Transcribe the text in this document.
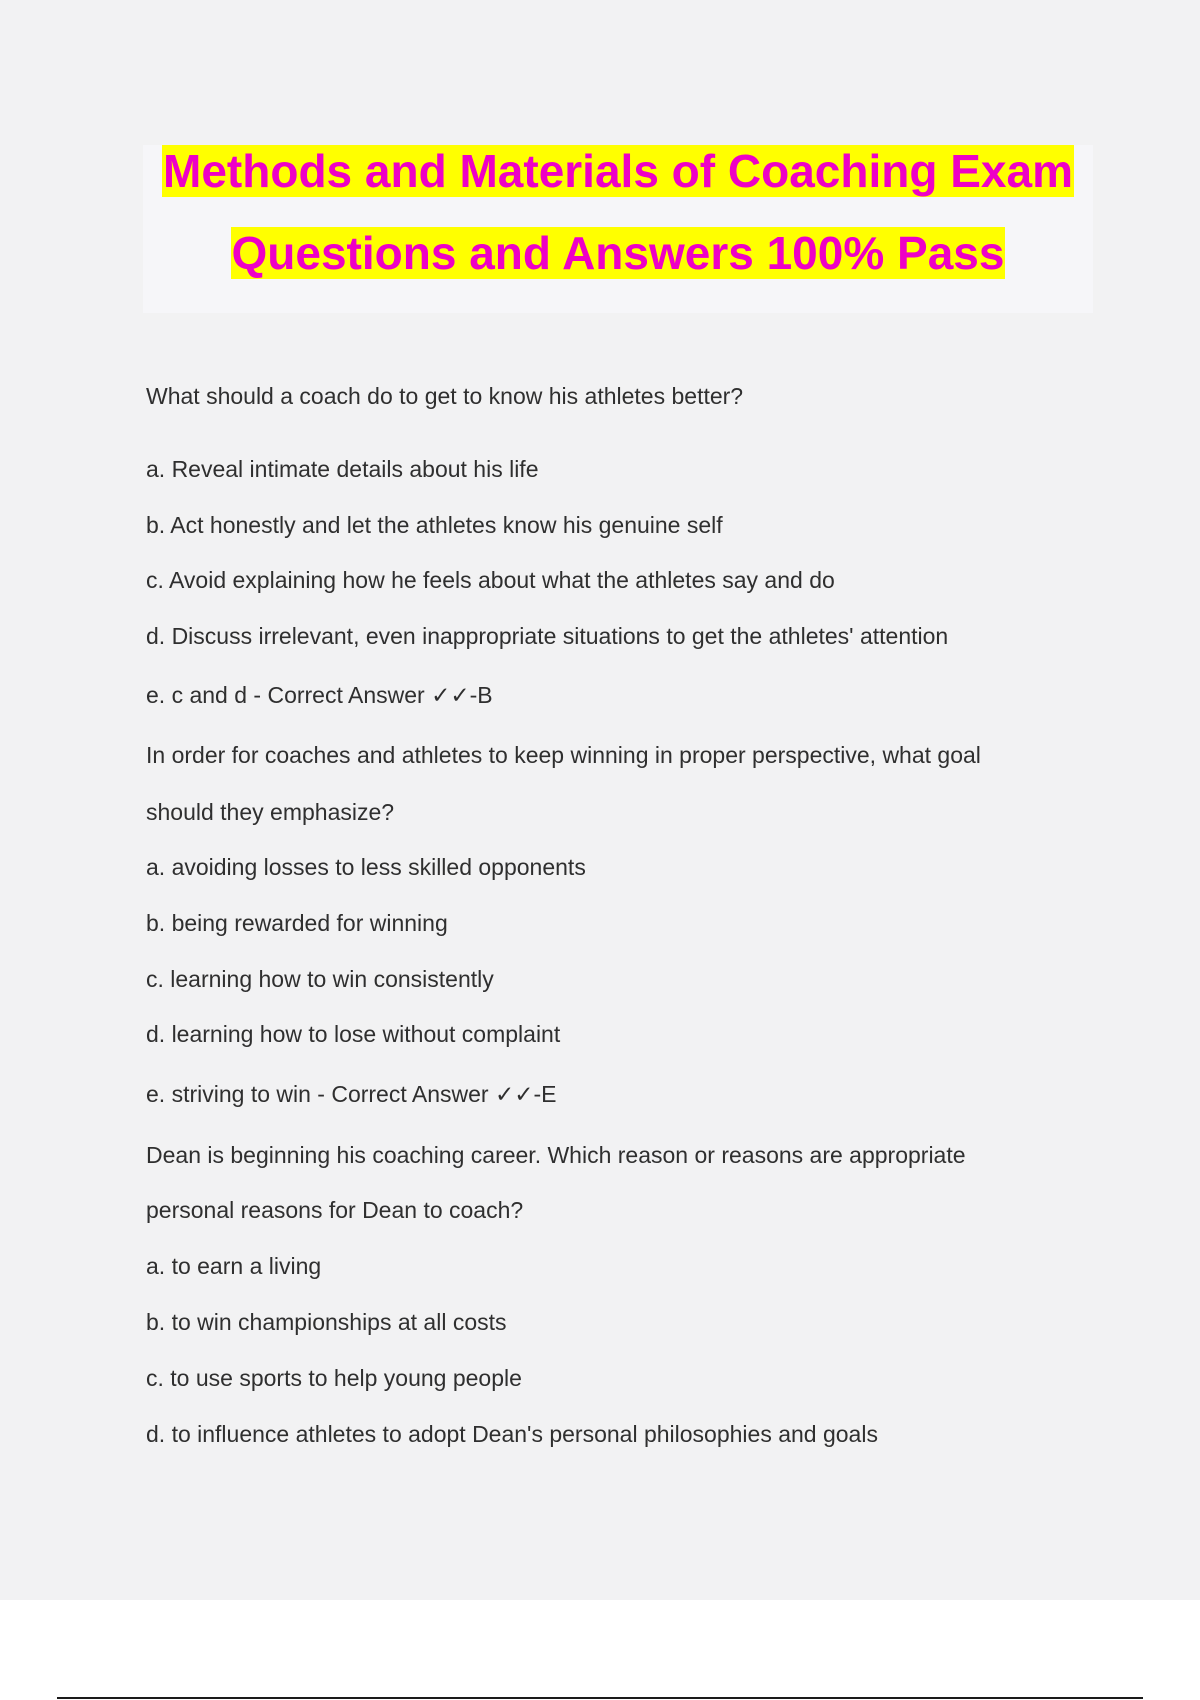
Methods and Materials of Coaching Exam
Questions and Answers 100% Pass
What should a coach do to get to know his athletes better?
a. Reveal intimate details about his life
b. Act honestly and let the athletes know his genuine self
c. Avoid explaining how he feels about what the athletes say and do
d. Discuss irrelevant, even inappropriate situations to get the athletes' attention
e. c and d - Correct Answer ✓✓-B
In order for coaches and athletes to keep winning in proper perspective, what goal
should they emphasize?
a. avoiding losses to less skilled opponents
b. being rewarded for winning
c. learning how to win consistently
d. learning how to lose without complaint
e. striving to win - Correct Answer ✓✓-E
Dean is beginning his coaching career. Which reason or reasons are appropriate
personal reasons for Dean to coach?
a. to earn a living
b. to win championships at all costs
c. to use sports to help young people
d. to influence athletes to adopt Dean's personal philosophies and goals
